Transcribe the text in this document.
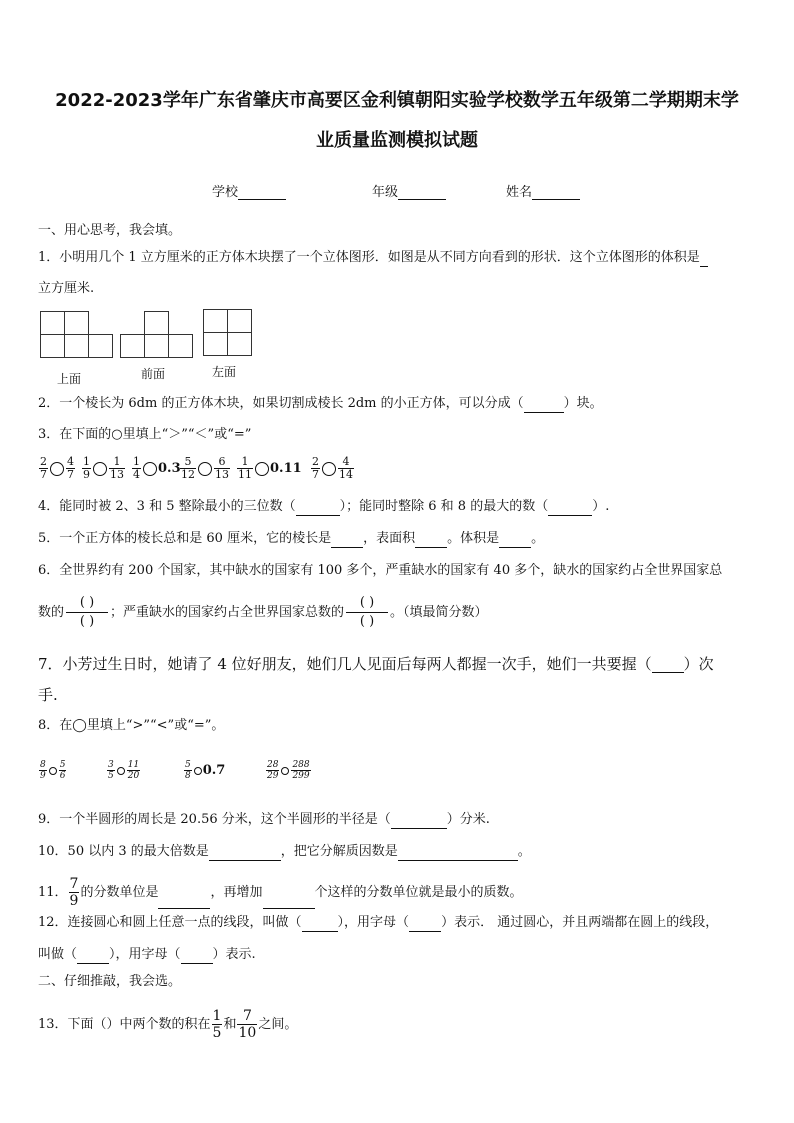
2022-2023学年广东省肇庆市高要区金利镇朝阳实验学校数学五年级第二学期期末学
业质量监测模拟试题
学校	年级	姓名
一、用心思考，我会填。
1．小明用几个 1 立方厘米的正方体木块摆了一个立体图形．如图是从不同方向看到的形状．这个立体图形的体积是
立方厘米.
上面	前面	左面
2．一个棱长为 6dm 的正方体木块，如果切割成棱长 2dm 的小正方体，可以分成（	）块。
3．在下面的○里填上“＞”“＜”或“=”
$\frac{2}{7} \frac{4}{7} \frac{1}{9} \frac{1}{13} \frac{1}{4} 0.3 \frac{5}{12} \frac{6}{13} \frac{1}{11} 0.11 \frac{2}{7} \frac{4}{14}$
4．能同时被 2、3 和 5 整除最小的三位数（	）；能同时整除 6 和 8 的最大的数（	）.
5．一个正方体的棱长总和是 60 厘米，它的棱长是 ，表面积 。体积是 。
6．全世界约有 200 个国家，其中缺水的国家有 100 多个，严重缺水的国家有 40 多个，缺水的国家约占全世界国家总
数的 $\frac{( )}{( )}$ ；严重缺水的国家约占全世界国家总数的 $\frac{( )}{( )}$ 。（填最简分数）
7．小芳过生日时，她请了 4 位好朋友，她们几人见面后每两人都握一次手，她们一共要握（ ）次
手.
8．在◯里填上“>”“<”或“=”。
$\frac{8}{9} \frac{5}{6}$	$\frac{3}{5} \frac{11}{20}$	$\frac{5}{8} 0.7$	$\frac{28}{29} \frac{288}{299}$
9．一个半圆形的周长是 20.56 分米，这个半圆形的半径是（	）分米.
10．50 以内 3 的最大倍数是	，把它分解质因数是	。
11． $\frac{7}{9}$ 的分数单位是	，再增加	个这样的分数单位就是最小的质数。
12．连接圆心和圆上任意一点的线段，叫做（	），用字母（ ）表示． 通过圆心，并且两端都在圆上的线段，
叫做（ ），用字母（ ）表示.
二、仔细推敲，我会选。
13．下面（）中两个数的积在 $\frac{1}{5}$ 和 $\frac{7}{10}$ 之间。
